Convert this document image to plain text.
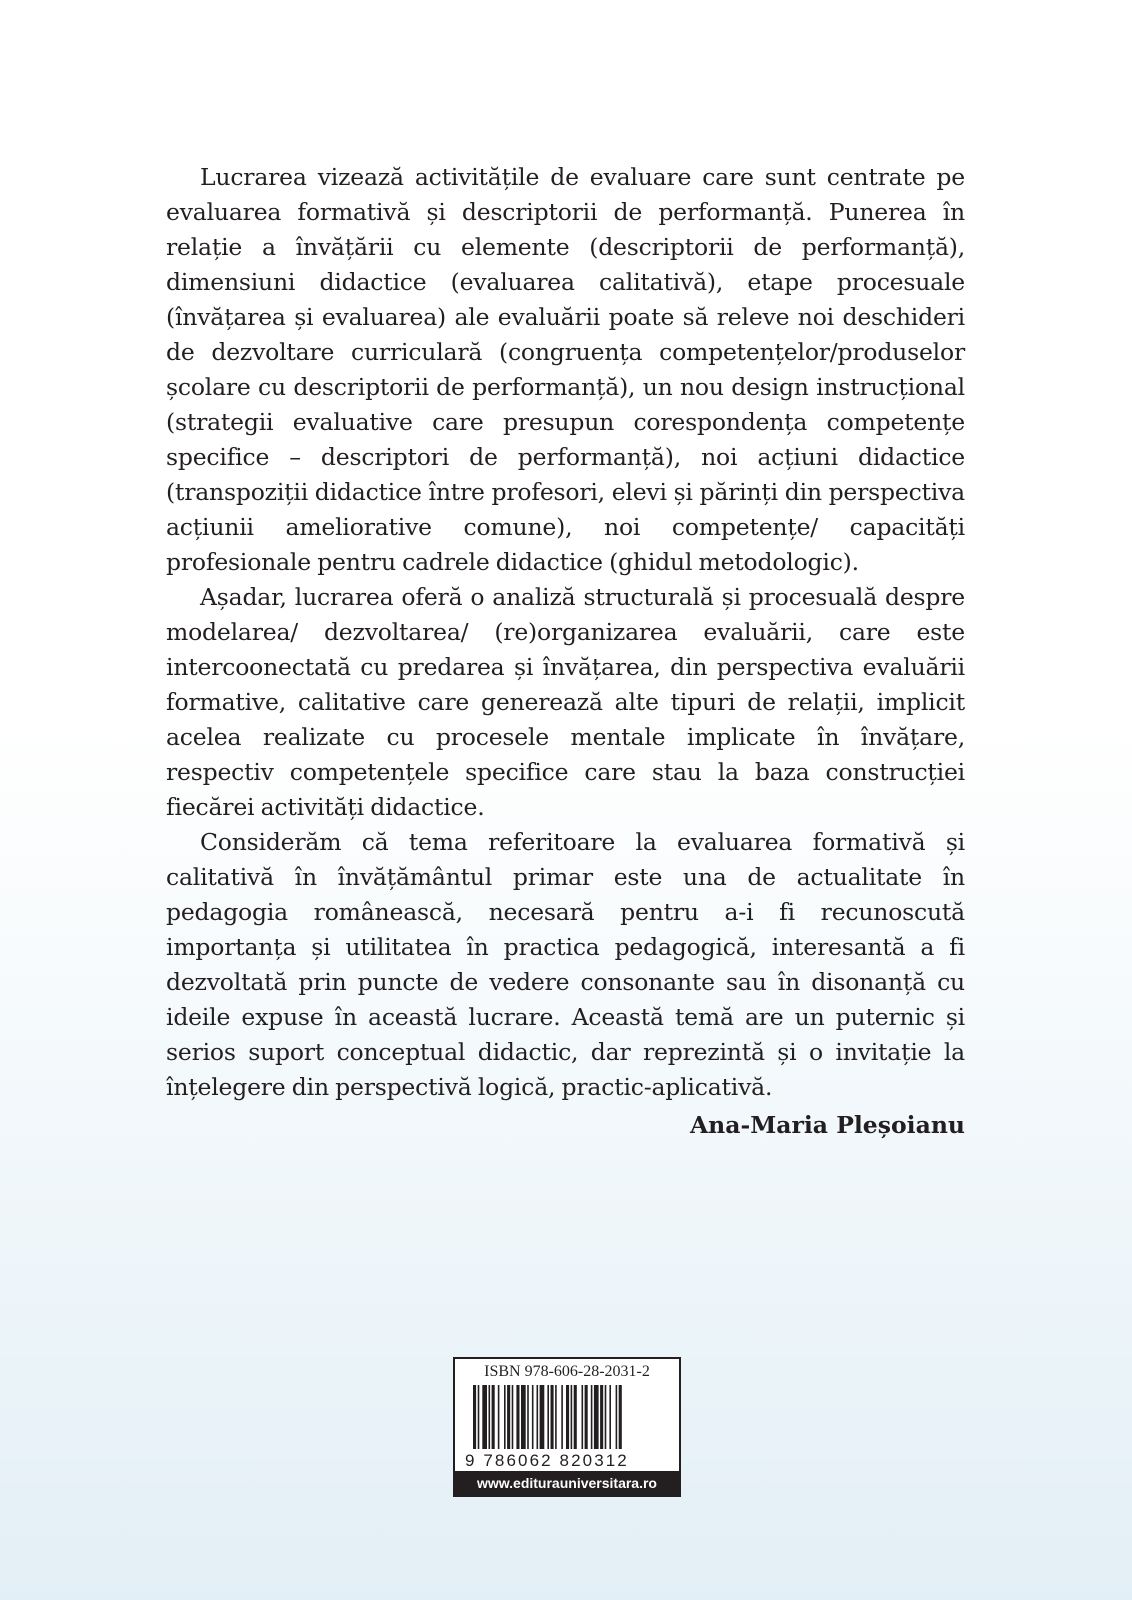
Lucrarea vizează activitățile de evaluare care sunt centrate pe evaluarea formativă și descriptorii de performanță. Punerea în relație a învățării cu elemente (descriptorii de performanță), dimensiuni didactice (evaluarea calitativă), etape procesuale (învățarea și evaluarea) ale evaluării poate să releve noi deschideri de dezvoltare curriculară (congruența competențelor/produselor școlare cu descriptorii de performanță), un nou design instrucțional (strategii evaluative care presupun corespondența competențe specifice – descriptori de performanță), noi acțiuni didactice (transpoziții didactice între profesori, elevi și părinți din perspectiva acțiunii ameliorative comune), noi competențe/ capacități profesionale pentru cadrele didactice (ghidul metodologic).

Așadar, lucrarea oferă o analiză structurală și procesuală despre modelarea/ dezvoltarea/ (re)organizarea evaluării, care este intercoonectată cu predarea și învățarea, din perspectiva evaluării formative, calitative care generează alte tipuri de relații, implicit acelea realizate cu procesele mentale implicate în învățare, respectiv competențele specifice care stau la baza construcției fiecărei activități didactice.

Considerăm că tema referitoare la evaluarea formativă și calitativă în învățământul primar este una de actualitate în pedagogia românească, necesară pentru a-i fi recunoscută importanța și utilitatea în practica pedagogică, interesantă a fi dezvoltată prin puncte de vedere consonante sau în disonanță cu ideile expuse în această lucrare. Această temă are un puternic și serios suport conceptual didactic, dar reprezintă și o invitație la înțelegere din perspectivă logică, practic-aplicativă.

Ana-Maria Pleșoianu

ISBN 978-606-28-2031-2
9 786062 820312
www.editurauniversitara.ro
